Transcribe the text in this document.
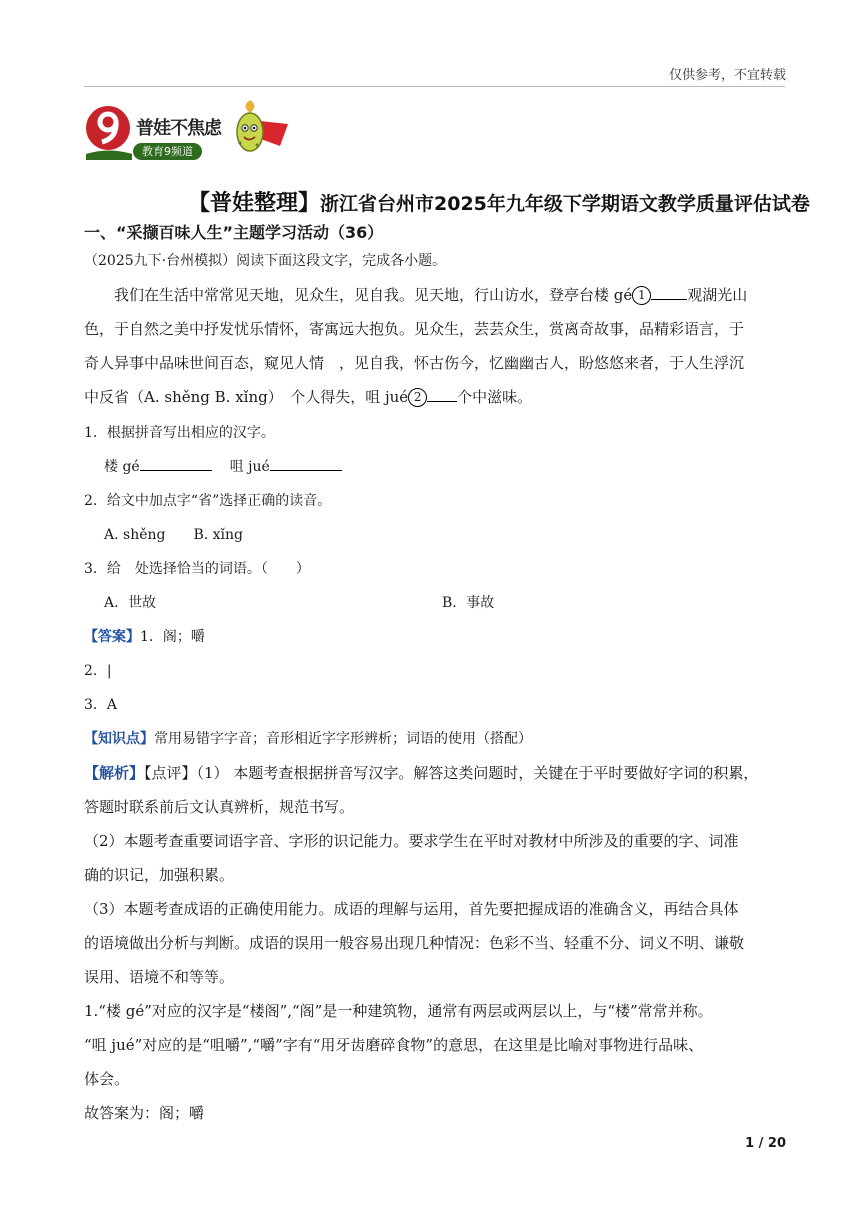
仅供参考，不宜转载
普娃不焦虑
教育9频道
【普娃整理】浙江省台州市2025年九年级下学期语文教学质量评估试卷
一、“采撷百味人生”主题学习活动（36）
（2025九下·台州模拟）阅读下面这段文字，完成各小题。
我们在生活中常常见天地，见众生，见自我。见天地，行山访水，登亭台楼 gé 1	观湖光山
色，于自然之美中抒发忧乐情怀，寄寓远大抱负。见众生，芸芸众生，赏离奇故事，品精彩语言，于
奇人异事中品味世间百态，窥见人情　，见自我，怀古伤今，忆幽幽古人，盼悠悠来者，于人生浮沉
中反省（A. shěng B. xǐng）　个人得失，咀 jué 2 个中滋味。
1．根据拼音写出相应的汉字。
楼 gé	咀 jué
2．给文中加点字“省”选择正确的读音。
A. shěng　　B. xǐng
3．给　处选择恰当的词语。（　　）
A．世故	B．事故
【答案】1．阁；嚼
2．|
3．A
【知识点】常用易错字字音；音形相近字字形辨析；词语的使用（搭配）
【解析】【点评】（1） 本题考查根据拼音写汉字。解答这类问题时，关键在于平时要做好字词的积累，
答题时联系前后文认真辨析，规范书写。
（2）本题考查重要词语字音、字形的识记能力。要求学生在平时对教材中所涉及的重要的字、词准
确的识记，加强积累。
（3）本题考查成语的正确使用能力。成语的理解与运用，首先要把握成语的准确含义，再结合具体
的语境做出分析与判断。成语的误用一般容易出现几种情况：色彩不当、轻重不分、词义不明、谦敬
误用、语境不和等等。
1.“楼 gé”对应的汉字是“楼阁”,“阁”是一种建筑物，通常有两层或两层以上，与“楼”常常并称。
“咀 jué”对应的是“咀嚼”,“嚼”字有“用牙齿磨碎食物”的意思，在这里是比喻对事物进行品味、
体会。
故答案为：阁；嚼
1 / 20
